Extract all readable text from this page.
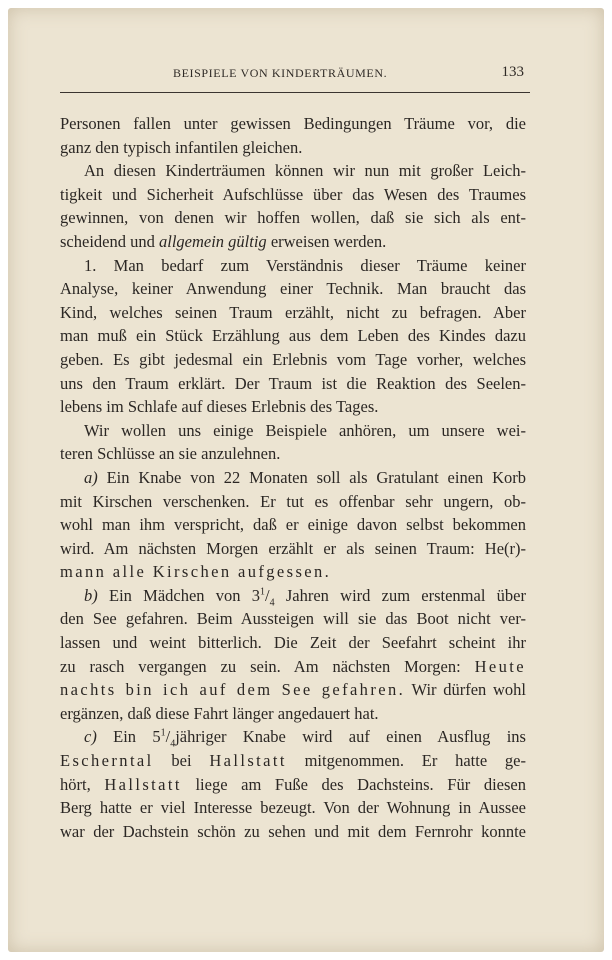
BEISPIELE VON KINDERTRÄUMEN.	133
Personen fallen unter gewissen Bedingungen Träume vor, die
ganz den typisch infantilen gleichen.
An diesen Kinderträumen können wir nun mit großer Leich-
tigkeit und Sicherheit Aufschlüsse über das Wesen des Traumes
gewinnen, von denen wir hoffen wollen, daß sie sich als ent-
scheidend und allgemein gültig erweisen werden.
1. Man bedarf zum Verständnis dieser Träume keiner
Analyse, keiner Anwendung einer Technik. Man braucht das
Kind, welches seinen Traum erzählt, nicht zu befragen. Aber
man muß ein Stück Erzählung aus dem Leben des Kindes dazu
geben. Es gibt jedesmal ein Erlebnis vom Tage vorher, welches
uns den Traum erklärt. Der Traum ist die Reaktion des Seelen-
lebens im Schlafe auf dieses Erlebnis des Tages.
Wir wollen uns einige Beispiele anhören, um unsere wei-
teren Schlüsse an sie anzulehnen.
a) Ein Knabe von 22 Monaten soll als Gratulant einen Korb
mit Kirschen verschenken. Er tut es offenbar sehr ungern, ob-
wohl man ihm verspricht, daß er einige davon selbst bekommen
wird. Am nächsten Morgen erzählt er als seinen Traum: He(r)-
mann alle Kirschen aufgessen.
b) Ein Mädchen von $3^1/_4$ Jahren wird zum erstenmal über
den See gefahren. Beim Aussteigen will sie das Boot nicht ver-
lassen und weint bitterlich. Die Zeit der Seefahrt scheint ihr
zu rasch vergangen zu sein. Am nächsten Morgen: Heute
nachts bin ich auf dem See gefahren. Wir dürfen wohl
ergänzen, daß diese Fahrt länger angedauert hat.
c) Ein $5^1/_4jähriger$ Knabe wird auf einen Ausflug ins
Escherntal bei Hallstatt mitgenommen. Er hatte ge-
hört, Hallstatt liege am Fuße des Dachsteins. Für diesen
Berg hatte er viel Interesse bezeugt. Von der Wohnung in Aussee
war der Dachstein schön zu sehen und mit dem Fernrohr konnte
